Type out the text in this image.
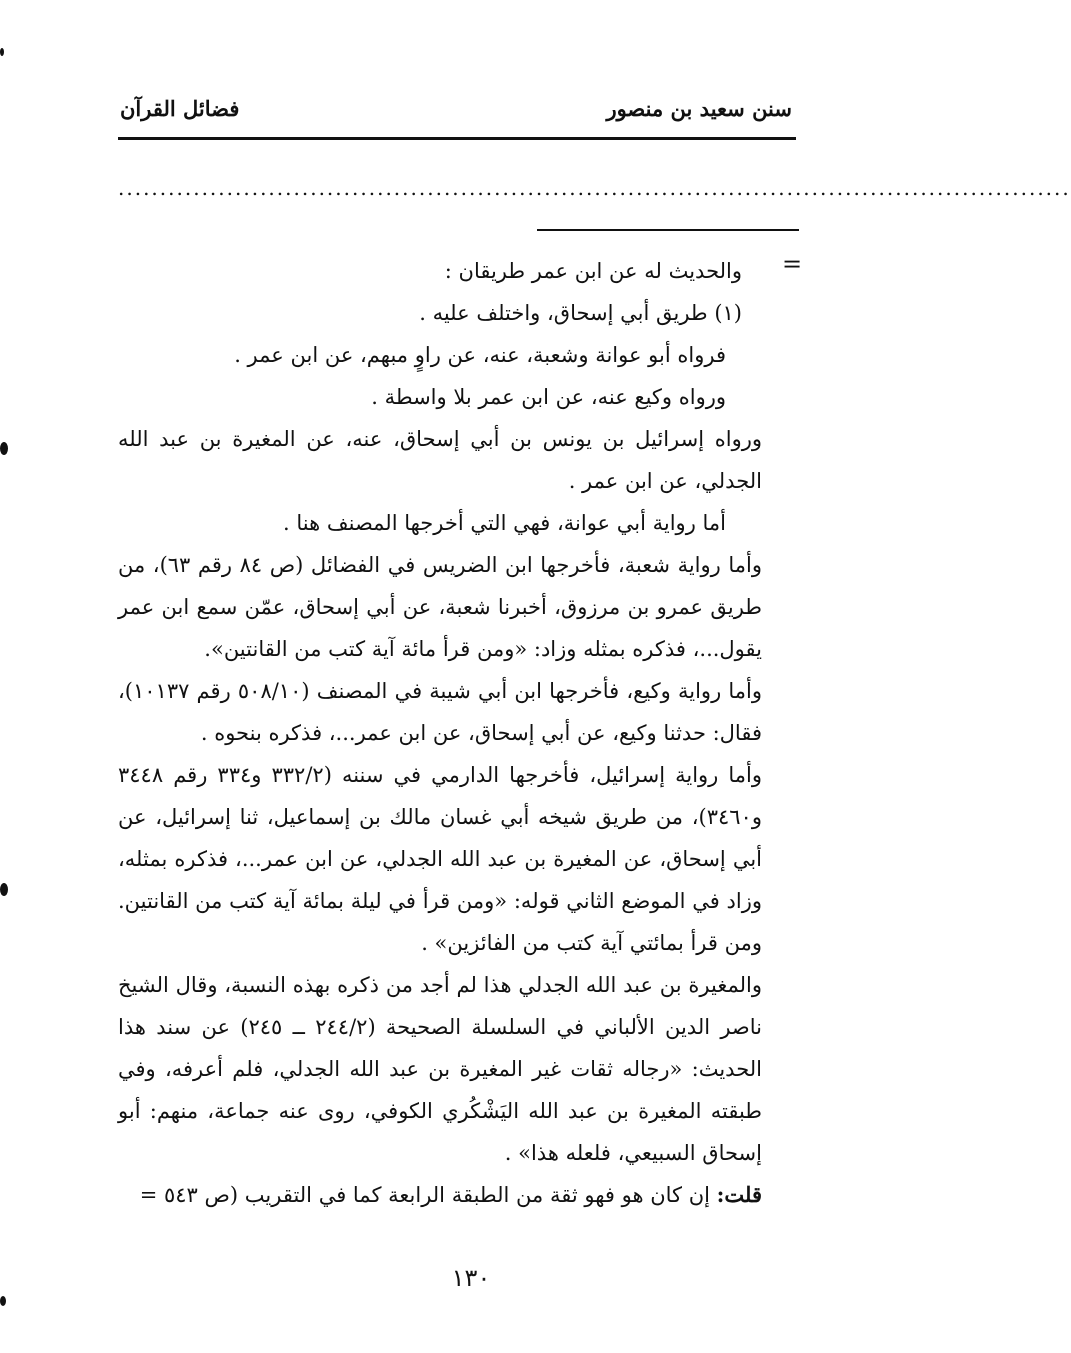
سنن سعيد بن منصور
فضائل القرآن
..................................................................................................................
=

والحديث له عن ابن عمر طريقان :

(١) طريق أبي إسحاق، واختلف عليه .

فرواه أبو عوانة وشعبة، عنه، عن راوٍ مبهم، عن ابن عمر .

ورواه وكيع عنه، عن ابن عمر بلا واسطة .

ورواه إسرائيل بن يونس بن أبي إسحاق، عنه، عن المغيرة بن عبد الله الجدلي، عن ابن عمر .

أما رواية أبي عوانة، فهي التي أخرجها المصنف هنا .

وأما رواية شعبة، فأخرجها ابن الضريس في الفضائل (ص ٨٤ رقم ٦٣)، من طريق عمرو بن مرزوق، أخبرنا شعبة، عن أبي إسحاق، عمّن سمع ابن عمر يقول...، فذكره بمثله وزاد: «ومن قرأ مائة آية كتب من القانتين».

وأما رواية وكيع، فأخرجها ابن أبي شيبة في المصنف (٥٠٨/١٠ رقم ١٠١٣٧)، فقال: حدثنا وكيع، عن أبي إسحاق، عن ابن عمر...، فذكره بنحوه .

وأما رواية إسرائيل، فأخرجها الدارمي في سننه (٣٣٢/٢ و٣٣٤ رقم ٣٤٤٨ و٣٤٦٠)، من طريق شيخه أبي غسان مالك بن إسماعيل، ثنا إسرائيل، عن أبي إسحاق، عن المغيرة بن عبد الله الجدلي، عن ابن عمر...، فذكره بمثله، وزاد في الموضع الثاني قوله: «ومن قرأ في ليلة بمائة آية كتب من القانتين. ومن قرأ بمائتي آية كتب من الفائزين» .

والمغيرة بن عبد الله الجدلي هذا لم أجد من ذكره بهذه النسبة، وقال الشيخ ناصر الدين الألباني في السلسلة الصحيحة (٢٤٤/٢ ــ ٢٤٥) عن سند هذا الحديث: «رجاله ثقات غير المغيرة بن عبد الله الجدلي، فلم أعرفه، وفي طبقته المغيرة بن عبد الله اليَشْكُري الكوفي، روى عنه جماعة، منهم: أبو إسحاق السبيعي، فلعله هذا» .

قلت: إن كان هو فهو ثقة من الطبقة الرابعة كما في التقريب (ص ٥٤٣ =

١٣٠
